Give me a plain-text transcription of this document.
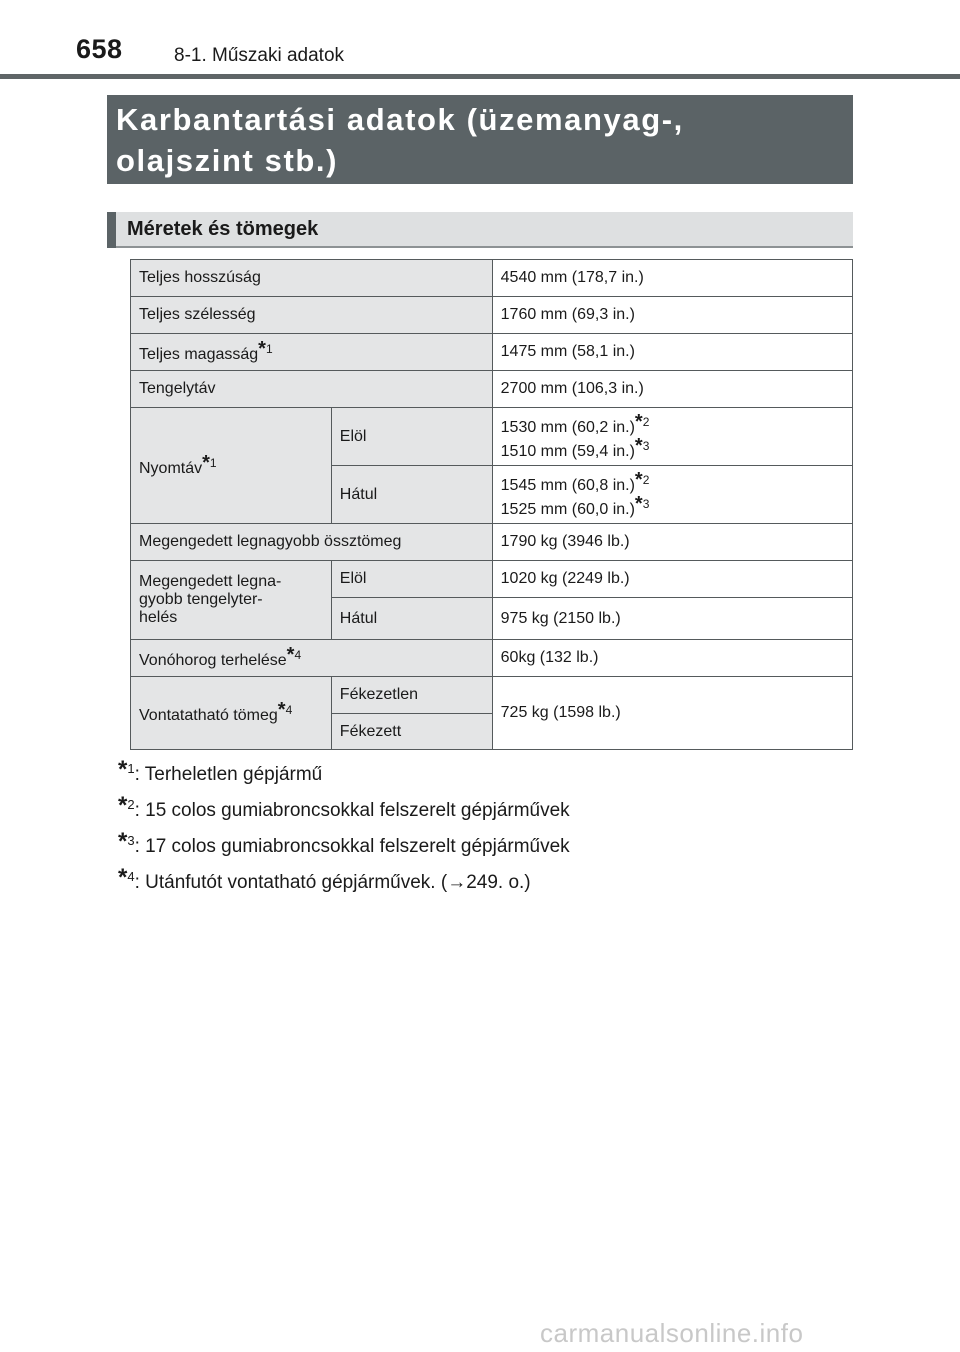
658	8-1. Műszaki adatok
Karbantartási adatok (üzemanyag-,
olajszint stb.)
Méretek és tömegek
Teljes hosszúság		4540 mm (178,7 in.)
Teljes szélesség		1760 mm (69,3 in.)
Teljes magasság*$^1$		1475 mm (58,1 in.)
Tengelytáv		2700 mm (106,3 in.)
Nyomtáv*$^1$	Elöl	1530 mm (60,2 in.)*$^2$
1510 mm (59,4 in.)*$^3$

	Hátul	1545 mm (60,8 in.)*$^2$
1525 mm (60,0 in.)*$^3$

Megengedett legnagyobb össztömeg		1790 kg (3946 lb.)

Megengedett legna-
gyobb tengelyter-
helés	Elöl	1020 kg (2249 lb.)
	Hátul	975 kg (2150 lb.)
Vonóhorog terhelése*$^4$		60kg (132 lb.)
Vontatatható tömeg*$^4$	Fékezetlen	725 kg (1598 lb.)
	Fékezett	
*$^1$: Terheletlen gépjármű
*$^2$: 15 colos gumiabroncsokkal felszerelt gépjárművek
*$^3$: 17 colos gumiabroncsokkal felszerelt gépjárművek
*$^4$: Utánfutót vontatható gépjárművek. (→249. o.)
carmanualsonline.info
